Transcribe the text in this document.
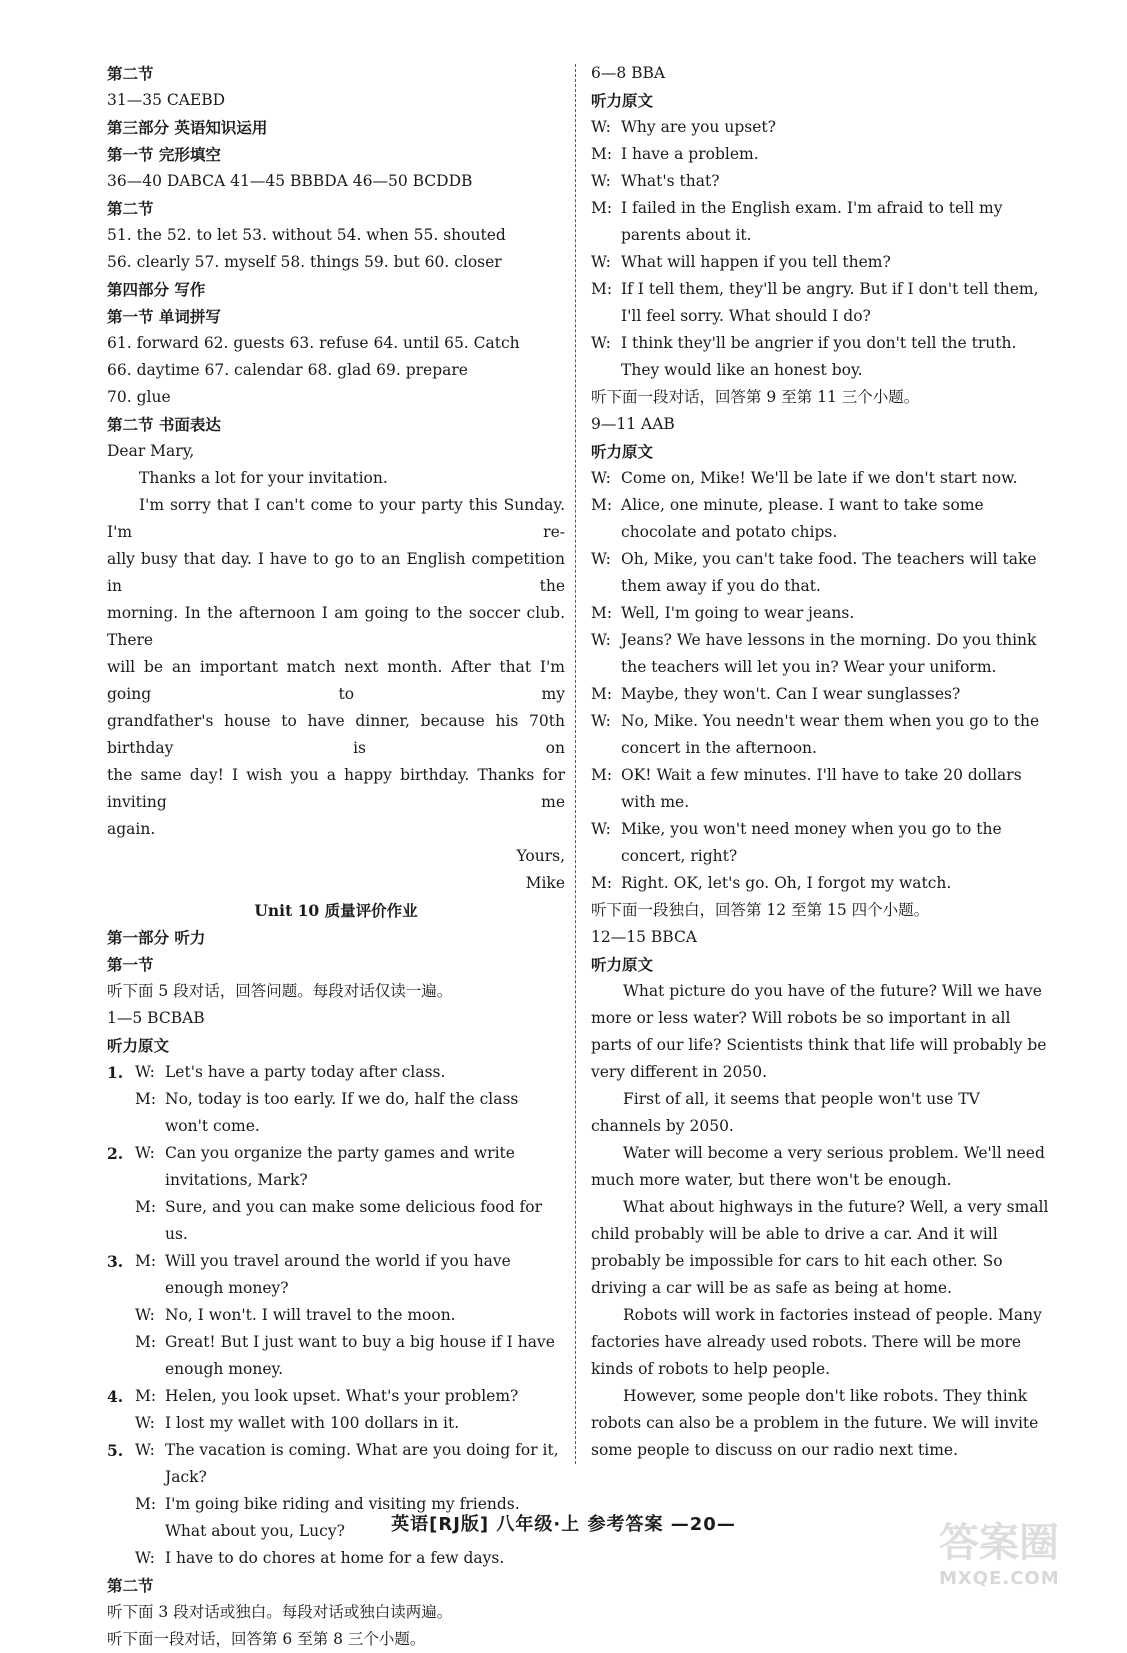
第二节
31—35 CAEBD
第三部分 英语知识运用
第一节 完形填空
36—40 DABCA 41—45 BBBDA 46—50 BCDDB
第二节
51. the 52. to let 53. without 54. when 55. shouted
56. clearly 57. myself 58. things 59. but 60. closer
第四部分 写作
第一节 单词拼写
61. forward 62. guests 63. refuse 64. until 65. Catch
66. daytime 67. calendar 68. glad 69. prepare
70. glue
第二节 书面表达
Dear Mary,
Thanks a lot for your invitation.
I'm sorry that I can't come to your party this Sunday. I'm re-
ally busy that day. I have to go to an English competition in the
morning. In the afternoon I am going to the soccer club. There
will be an important match next month. After that I'm going to my
grandfather's house to have dinner, because his 70th birthday is on
the same day! I wish you a happy birthday. Thanks for inviting me
again.
Yours,
Mike
Unit 10 质量评价作业
第一部分 听力
第一节
听下面 5 段对话，回答问题。每段对话仅读一遍。
1—5 BCBAB
听力原文
1. W: Let's have a party today after class.
M: No, today is too early. If we do, half the class won't come.
2. W: Can you organize the party games and write invitations, Mark?
M: Sure, and you can make some delicious food for us.
3. M: Will you travel around the world if you have enough money?
W: No, I won't. I will travel to the moon.
M: Great! But I just want to buy a big house if I have enough money.
4. M: Helen, you look upset. What's your problem?
W: I lost my wallet with 100 dollars in it.
5. W: The vacation is coming. What are you doing for it, Jack?
M: I'm going bike riding and visiting my friends. What about you, Lucy?
W: I have to do chores at home for a few days.
第二节
听下面 3 段对话或独白。每段对话或独白读两遍。
听下面一段对话，回答第 6 至第 8 三个小题。
6—8 BBA
听力原文
W: Why are you upset?
M: I have a problem.
W: What's that?
M: I failed in the English exam. I'm afraid to tell my parents about it.
W: What will happen if you tell them?
M: If I tell them, they'll be angry. But if I don't tell them, I'll feel sorry. What should I do?
W: I think they'll be angrier if you don't tell the truth. They would like an honest boy.
听下面一段对话，回答第 9 至第 11 三个小题。
9—11 AAB
听力原文
W: Come on, Mike! We'll be late if we don't start now.
M: Alice, one minute, please. I want to take some chocolate and potato chips.
W: Oh, Mike, you can't take food. The teachers will take them away if you do that.
M: Well, I'm going to wear jeans.
W: Jeans? We have lessons in the morning. Do you think the teachers will let you in? Wear your uniform.
M: Maybe, they won't. Can I wear sunglasses?
W: No, Mike. You needn't wear them when you go to the concert in the afternoon.
M: OK! Wait a few minutes. I'll have to take 20 dollars with me.
W: Mike, you won't need money when you go to the concert, right?
M: Right. OK, let's go. Oh, I forgot my watch.
听下面一段独白，回答第 12 至第 15 四个小题。
12—15 BBCA
听力原文
What picture do you have of the future? Will we have more or less water? Will robots be so important in all parts of our life? Scientists think that life will probably be very different in 2050.
First of all, it seems that people won't use TV channels by 2050.
Water will become a very serious problem. We'll need much more water, but there won't be enough.
What about highways in the future? Well, a very small child probably will be able to drive a car. And it will probably be impossible for cars to hit each other. So driving a car will be as safe as being at home.
Robots will work in factories instead of people. Many factories have already used robots. There will be more kinds of robots to help people.
However, some people don't like robots. They think robots can also be a problem in the future. We will invite some people to discuss on our radio next time.
英语[RJ版] 八年级·上 参考答案 —20—	答案圈
MXQE.COM
